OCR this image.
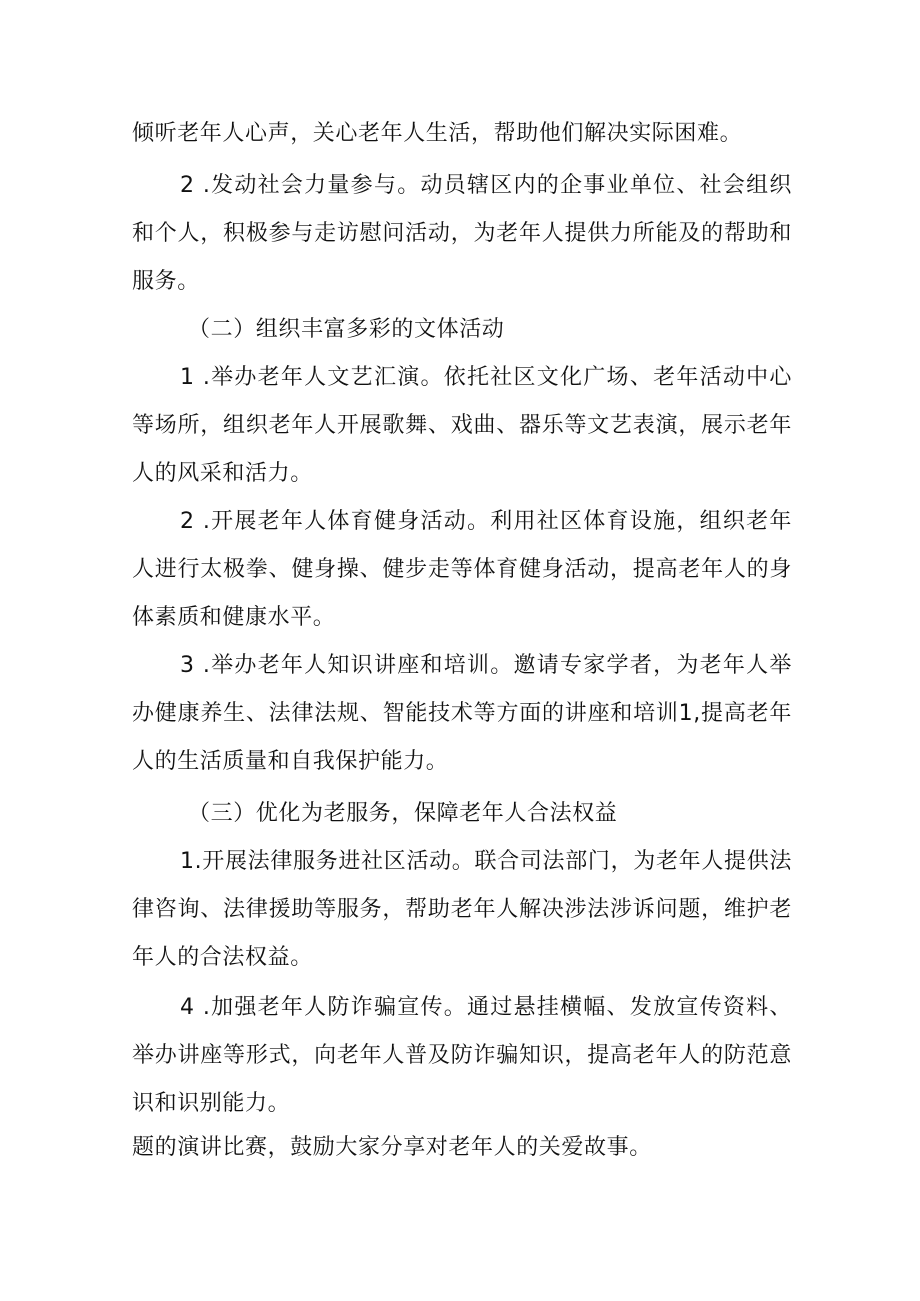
倾听老年人心声，关心老年人生活，帮助他们解决实际困难。

2 .发动社会力量参与。动员辖区内的企事业单位、社会组织和个人，积极参与走访慰问活动，为老年人提供力所能及的帮助和服务。

（二）组织丰富多彩的文体活动

1 .举办老年人文艺汇演。依托社区文化广场、老年活动中心等场所，组织老年人开展歌舞、戏曲、器乐等文艺表演，展示老年人的风采和活力。

2 .开展老年人体育健身活动。利用社区体育设施，组织老年人进行太极拳、健身操、健步走等体育健身活动，提高老年人的身体素质和健康水平。

3 .举办老年人知识讲座和培训。邀请专家学者，为老年人举办健康养生、法律法规、智能技术等方面的讲座和培训1,提高老年人的生活质量和自我保护能力。

（三）优化为老服务，保障老年人合法权益

1.开展法律服务进社区活动。联合司法部门，为老年人提供法律咨询、法律援助等服务，帮助老年人解决涉法涉诉问题，维护老年人的合法权益。

4 .加强老年人防诈骗宣传。通过悬挂横幅、发放宣传资料、举办讲座等形式，向老年人普及防诈骗知识，提高老年人的防范意识和识别能力。

题的演讲比赛，鼓励大家分享对老年人的关爱故事。
